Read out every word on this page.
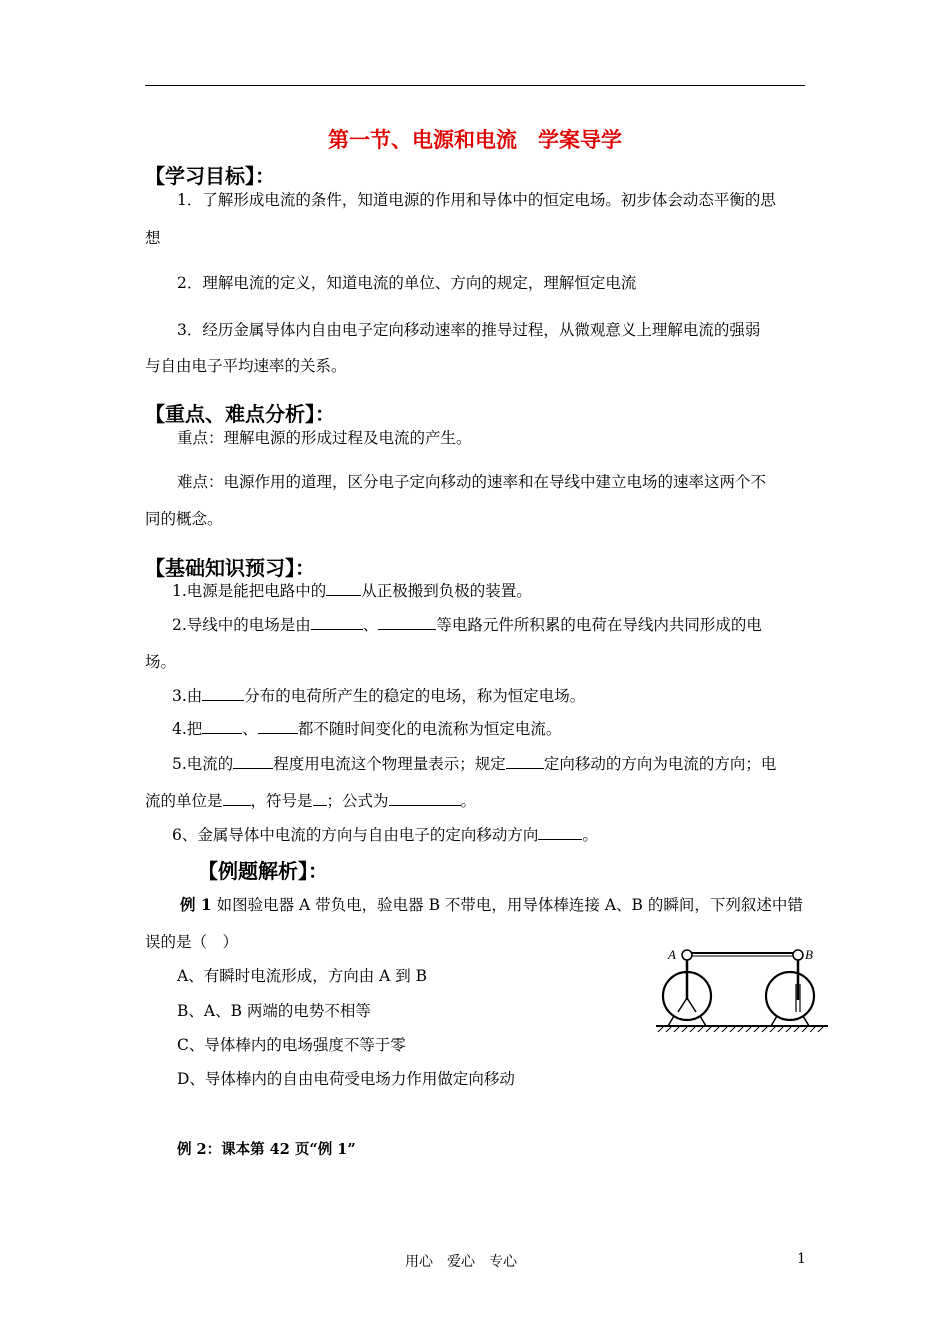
第一节、电源和电流　学案导学
【学习目标】：
1．了解形成电流的条件，知道电源的作用和导体中的恒定电场。初步体会动态平衡的思
想
2．理解电流的定义，知道电流的单位、方向的规定，理解恒定电流
3．经历金属导体内自由电子定向移动速率的推导过程，从微观意义上理解电流的强弱
与自由电子平均速率的关系。
【重点、难点分析】：
重点：理解电源的形成过程及电流的产生。
难点：电源作用的道理，区分电子定向移动的速率和在导线中建立电场的速率这两个不
同的概念。
【基础知识预习】：
1.电源是能把电路中的 从正极搬到负极的装置。
2.导线中的电场是由	、	等电路元件所积累的电荷在导线内共同形成的电
场。
3.由	分布的电荷所产生的稳定的电场，称为恒定电场。
4.把	、	都不随时间变化的电流称为恒定电流。
5.电流的	程度用电流这个物理量表示；规定 定向移动的方向为电流的方向；电
流的单位是 ，符号是 ；公式为	。
6、金属导体中电流的方向与自由电子的定向移动方向	。
【例题解析】：
例 1 如图验电器 A 带负电，验电器 B 不带电，用导体棒连接 A、B 的瞬间，下列叙述中错
误的是（　）
A、有瞬时电流形成，方向由 A 到 B
B、A、B 两端的电势不相等
C、导体棒内的电场强度不等于零
D、导体棒内的自由电荷受电场力作用做定向移动
A	B
例 2：课本第 42 页“例 1”
用心　爱心　专心	1
